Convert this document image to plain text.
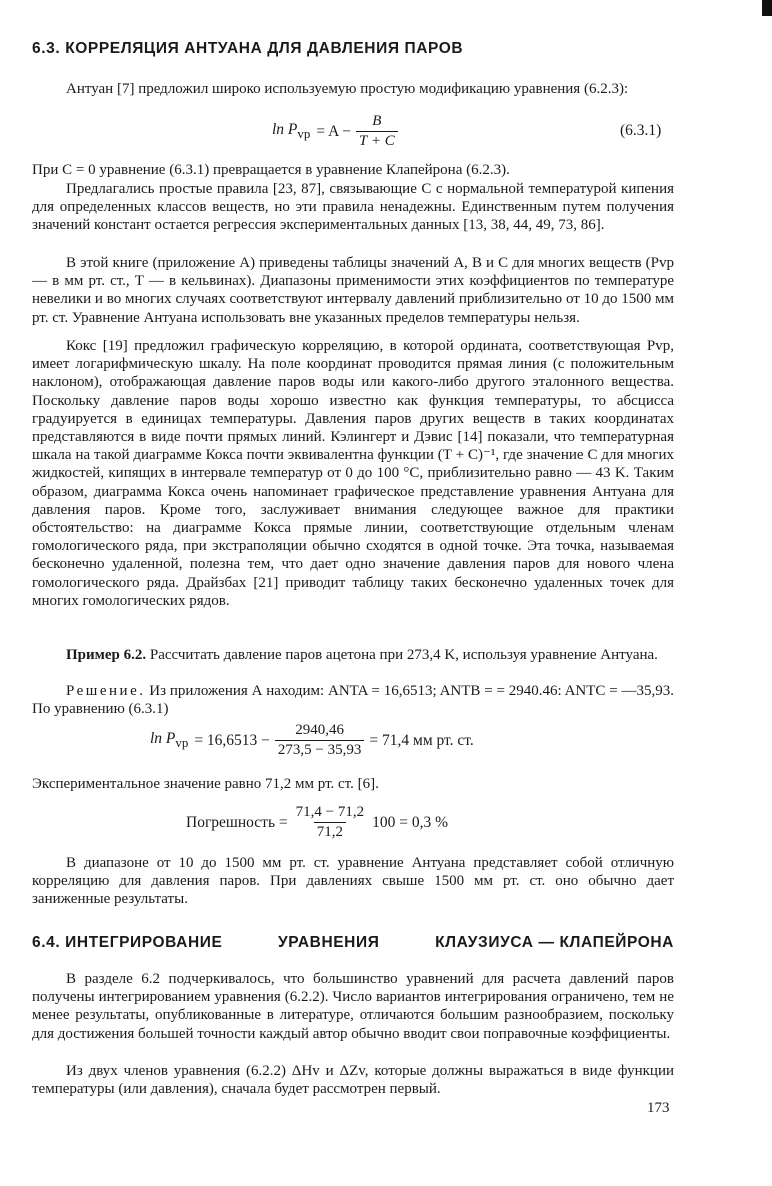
6.3. КОРРЕЛЯЦИЯ АНТУАНА ДЛЯ ДАВЛЕНИЯ ПАРОВ

Антуан [7] предложил широко используемую простую модификацию уравнения (6.2.3):

$\ln P_{vp} = A - \frac{B}{T + C}$	(6.3.1)

При C = 0 уравнение (6.3.1) превращается в уравнение Клапейрона (6.2.3).

Предлагались простые правила [23, 87], связывающие C с нормальной температурой кипения для определенных классов веществ, но эти правила ненадежны. Единственным путем получения значений констант остается регрессия экспериментальных данных [13, 38, 44, 49, 73, 86].

В этой книге (приложение А) приведены таблицы значений A, B и C для многих веществ (Pvp — в мм рт. ст., T — в кельвинах). Диапазоны применимости этих коэффициентов по температуре невелики и во многих случаях соответствуют интервалу давлений приблизительно от 10 до 1500 мм рт. ст. Уравнение Антуана использовать вне указанных пределов температуры нельзя.

Кокс [19] предложил графическую корреляцию, в которой ордината, соответствующая Pvp, имеет логарифмическую шкалу. На поле координат проводится прямая линия (с положительным наклоном), отображающая давление паров воды или какого-либо другого эталонного вещества. Поскольку давление паров воды хорошо известно как функция температуры, то абсцисса градуируется в единицах температуры. Давления паров других веществ в таких координатах представляются в виде почти прямых линий. Кэлингерт и Дэвис [14] показали, что температурная шкала на такой диаграмме Кокса почти эквивалентна функции (T + C)⁻¹, где значение C для многих жидкостей, кипящих в интервале температур от 0 до 100 °C, приблизительно равно — 43 K. Таким образом, диаграмма Кокса очень напоминает графическое представление уравнения Антуана для давления паров. Кроме того, заслуживает внимания следующее важное для практики обстоятельство: на диаграмме Кокса прямые линии, соответствующие отдельным членам гомологического ряда, при экстраполяции обычно сходятся в одной точке. Эта точка, называемая бесконечно удаленной, полезна тем, что дает одно значение давления паров для нового члена гомологического ряда. Драйзбах [21] приводит таблицу таких бесконечно удаленных точек для многих гомологических рядов.

Пример 6.2. Рассчитать давление паров ацетона при 273,4 K, используя уравнение Антуана.

Решение. Из приложения А находим: ANTA = 16,6513; ANTB = = 2940.46: ANTC = —35,93. По уравнению (6.3.1)

$\ln P_{vp} = 16,6513 - \frac{2940,46}{273,5 - 35,93} = 71,4$ мм рт. ст.

Экспериментальное значение равно 71,2 мм рт. ст. [6].

Погрешность = $\frac{71,4 - 71,2}{71,2} 100 = 0,3$ %

В диапазоне от 10 до 1500 мм рт. ст. уравнение Антуана представляет собой отличную корреляцию для давления паров. При давлениях свыше 1500 мм рт. ст. оно обычно дает заниженные результаты.

6.4. ИНТЕГРИРОВАНИЕ	УРАВНЕНИЯ	КЛАУЗИУСА — КЛАПЕЙРОНА

В разделе 6.2 подчеркивалось, что большинство уравнений для расчета давлений паров получены интегрированием уравнения (6.2.2). Число вариантов интегрирования ограничено, тем не менее результаты, опубликованные в литературе, отличаются большим разнообразием, поскольку для достижения большей точности каждый автор обычно вводит свои поправочные коэффициенты.

Из двух членов уравнения (6.2.2) ΔHv и ΔZv, которые должны выражаться в виде функции температуры (или давления), сначала будет рассмотрен первый.

173
